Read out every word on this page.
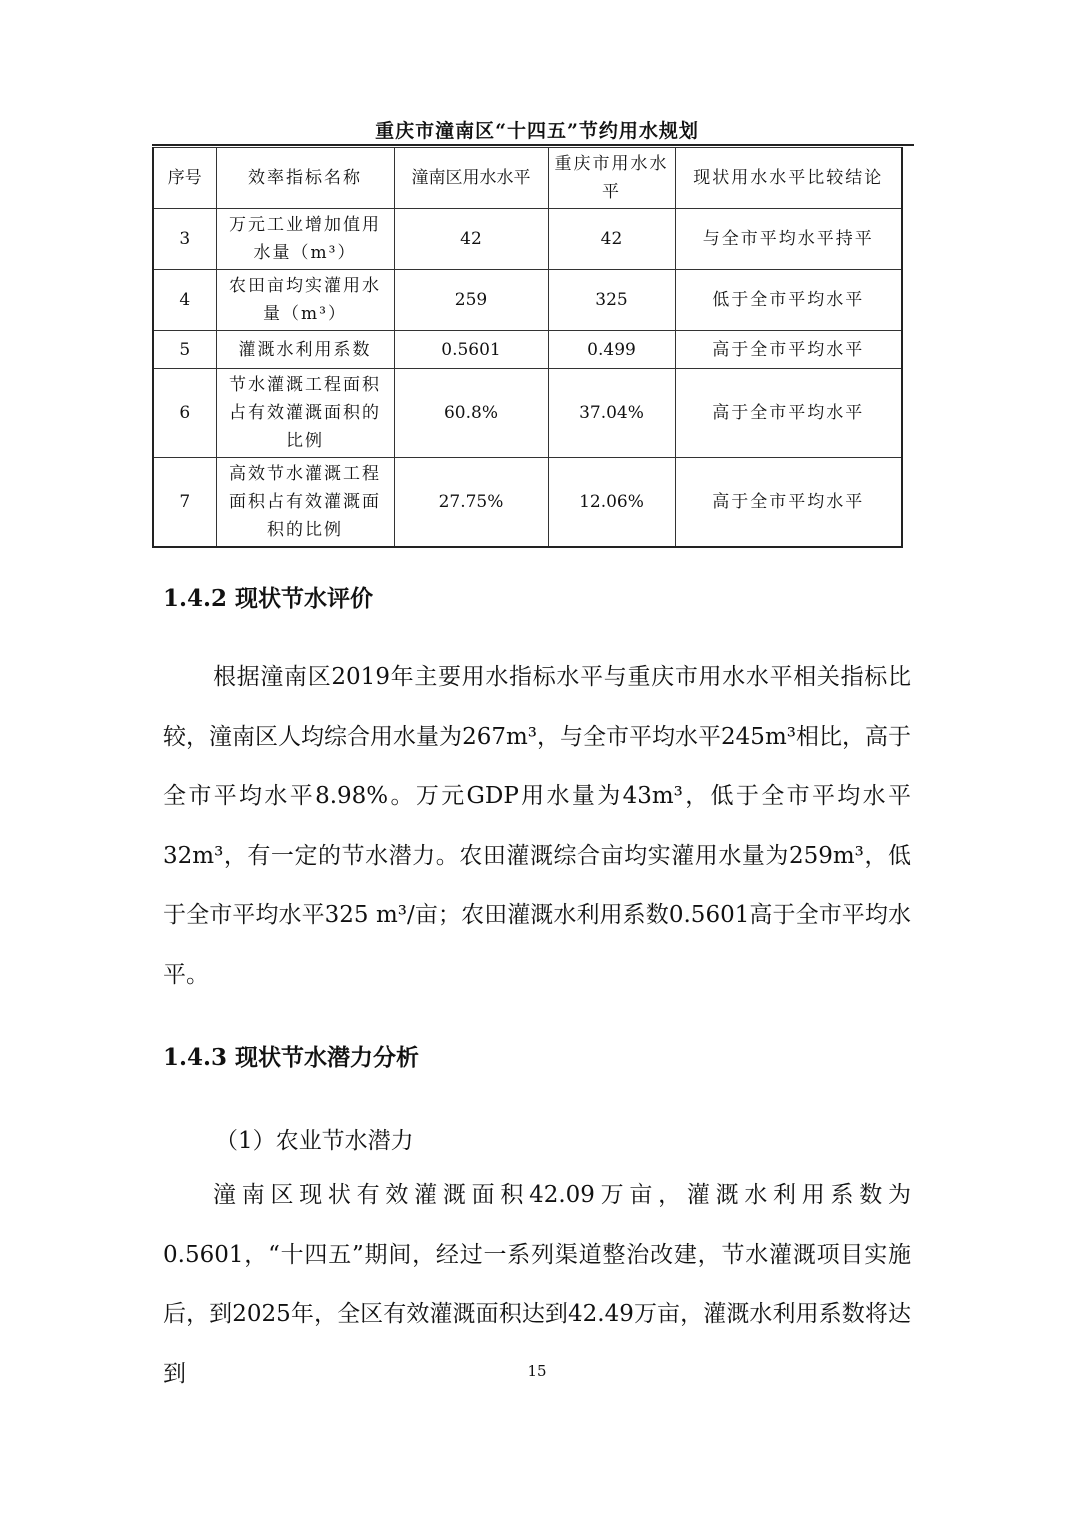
重庆市潼南区“十四五”节约用水规划
序号	效率指标名称	潼南区用水水平	重庆市用水水平	现状用水水平比较结论
3	万元工业增加值用水量（m³）	42	42	与全市平均水平持平
4	农田亩均实灌用水量（m³）	259	325	低于全市平均水平
5	灌溉水利用系数	0.5601	0.499	高于全市平均水平
6	节水灌溉工程面积占有效灌溉面积的比例	60.8%	37.04%	高于全市平均水平
7	高效节水灌溉工程面积占有效灌溉面积的比例	27.75%	12.06%	高于全市平均水平
1.4.2 现状节水评价

根据潼南区2019年主要用水指标水平与重庆市用水水平相关指标比较，潼南区人均综合用水量为267m³，与全市平均水平245m³相比，高于全市平均水平8.98%。万元GDP用水量为43m³，低于全市平均水平32m³，有一定的节水潜力。农田灌溉综合亩均实灌用水量为259m³，低于全市平均水平325 m³/亩；农田灌溉水利用系数0.5601高于全市平均水平。

1.4.3 现状节水潜力分析

（1）农业节水潜力

潼南区现状有效灌溉面积42.09万亩，灌溉水利用系数为0.5601，“十四五”期间，经过一系列渠道整治改建，节水灌溉项目实施后，到2025年，全区有效灌溉面积达到42.49万亩，灌溉水利用系数将达到	15
